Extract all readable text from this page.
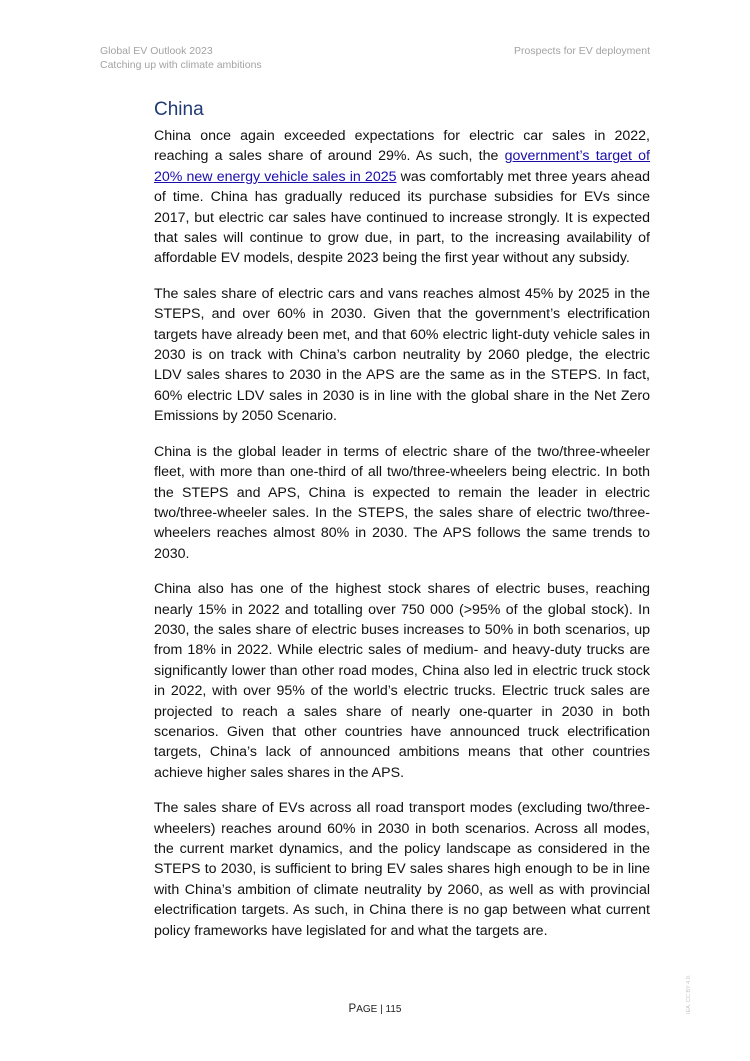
Global EV Outlook 2023
Catching up with climate ambitions
Prospects for EV deployment
China

China once again exceeded expectations for electric car sales in 2022, reaching a sales share of around 29%. As such, the government’s target of 20% new energy vehicle sales in 2025 was comfortably met three years ahead of time. China has gradually reduced its purchase subsidies for EVs since 2017, but electric car sales have continued to increase strongly. It is expected that sales will continue to grow due, in part, to the increasing availability of affordable EV models, despite 2023 being the first year without any subsidy.

The sales share of electric cars and vans reaches almost 45% by 2025 in the STEPS, and over 60% in 2030. Given that the government’s electrification targets have already been met, and that 60% electric light-duty vehicle sales in 2030 is on track with China’s carbon neutrality by 2060 pledge, the electric LDV sales shares to 2030 in the APS are the same as in the STEPS. In fact, 60% electric LDV sales in 2030 is in line with the global share in the Net Zero Emissions by 2050 Scenario.

China is the global leader in terms of electric share of the two/three-wheeler fleet, with more than one-third of all two/three-wheelers being electric. In both the STEPS and APS, China is expected to remain the leader in electric two/three-wheeler sales. In the STEPS, the sales share of electric two/three-wheelers reaches almost 80% in 2030. The APS follows the same trends to 2030.

China also has one of the highest stock shares of electric buses, reaching nearly 15% in 2022 and totalling over 750 000 (>95% of the global stock). In 2030, the sales share of electric buses increases to 50% in both scenarios, up from 18% in 2022. While electric sales of medium- and heavy-duty trucks are significantly lower than other road modes, China also led in electric truck stock in 2022, with over 95% of the world’s electric trucks. Electric truck sales are projected to reach a sales share of nearly one-quarter in 2030 in both scenarios. Given that other countries have announced truck electrification targets, China’s lack of announced ambitions means that other countries achieve higher sales shares in the APS.

The sales share of EVs across all road transport modes (excluding two/three-wheelers) reaches around 60% in 2030 in both scenarios. Across all modes, the current market dynamics, and the policy landscape as considered in the STEPS to 2030, is sufficient to bring EV sales shares high enough to be in line with China’s ambition of climate neutrality by 2060, as well as with provincial electrification targets. As such, in China there is no gap between what current policy frameworks have legislated for and what the targets are.

PAGE | 115	IEA. CC BY 4.0.
